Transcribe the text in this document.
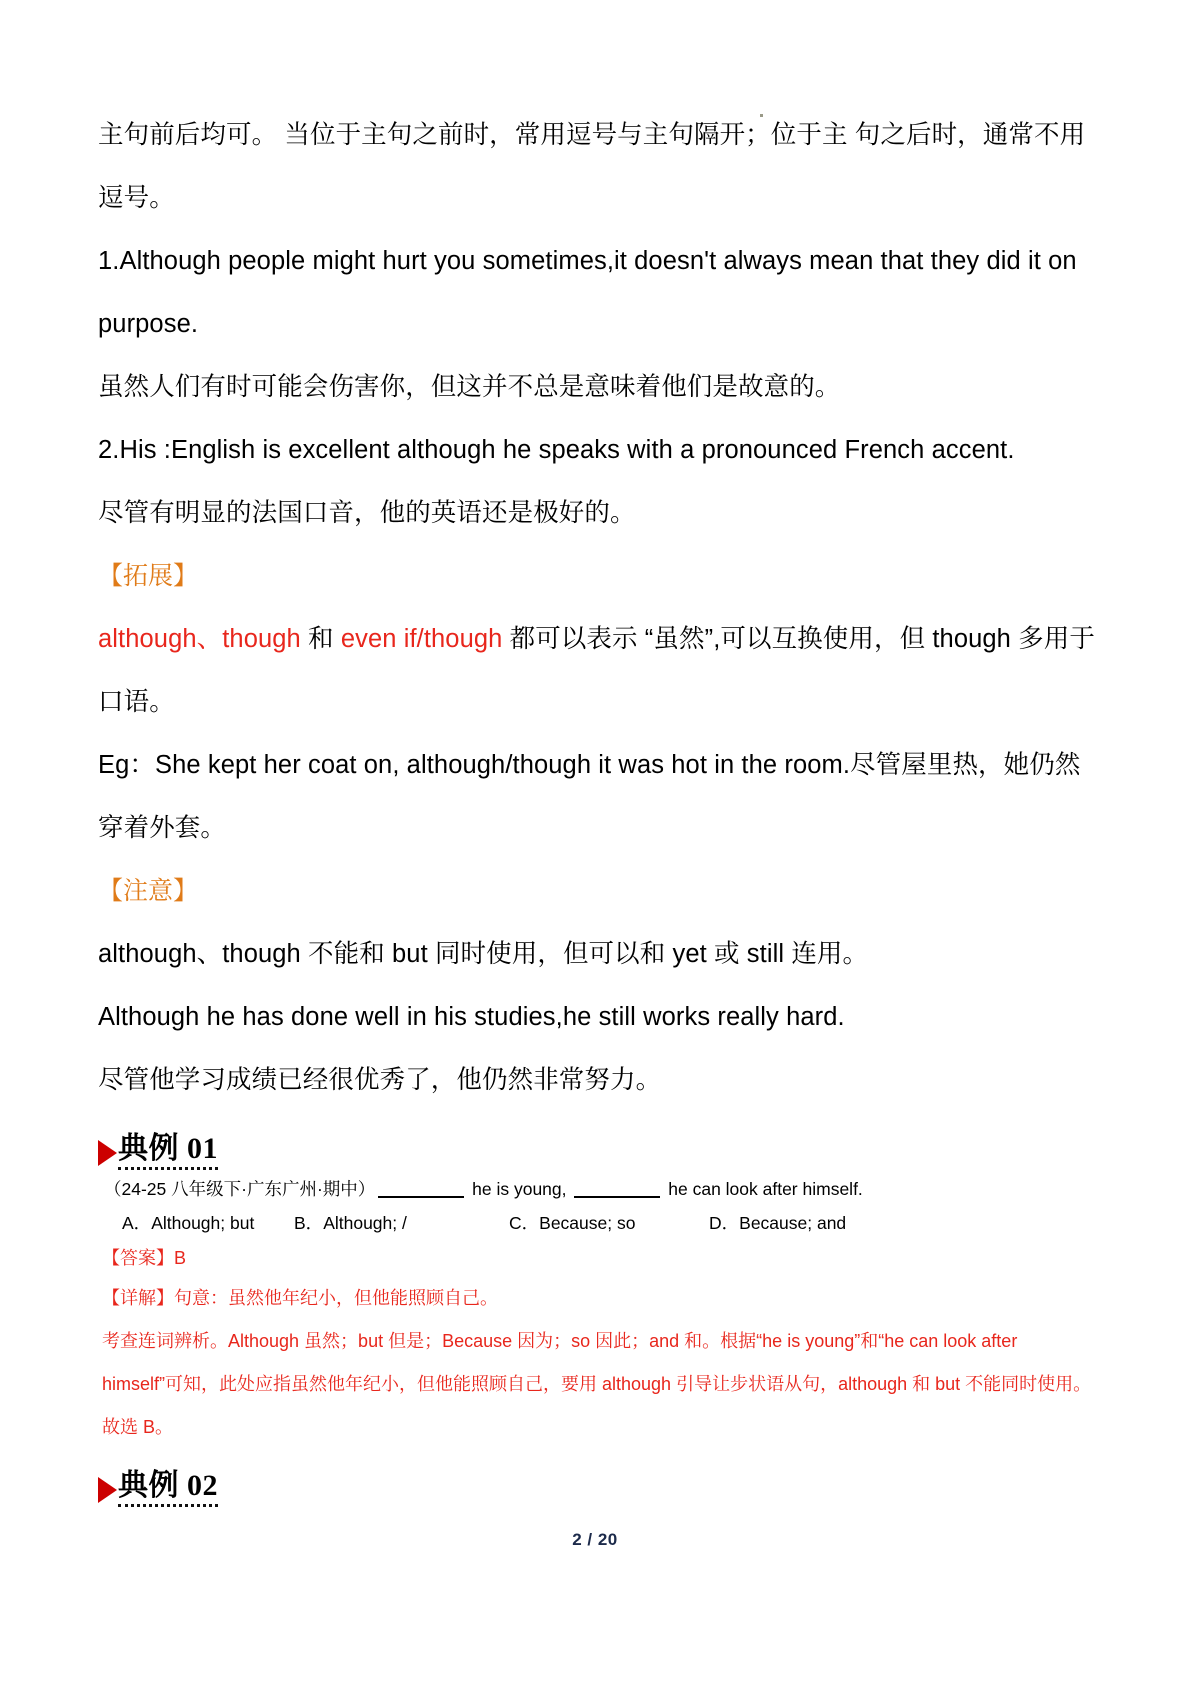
主句前后均可。 当位于主句之前时，常用逗号与主句隔开；位于主 句之后时，通常不用逗号。
1.Although people might hurt you sometimes,it doesn't always mean that they did it on purpose.
虽然人们有时可能会伤害你，但这并不总是意味着他们是故意的。
2.His :English is excellent although he speaks with a pronounced French accent.
尽管有明显的法国口音，他的英语还是极好的。
【拓展】
although、though 和 even if/though 都可以表示 “虽然”,可以互换使用，但 though 多用于口语。
Eg：She kept her coat on, although/though it was hot in the room.尽管屋里热，她仍然穿着外套。
【注意】
although、though 不能和 but 同时使用，但可以和 yet 或 still 连用。
Although he has done well in his studies,he still works really hard.
尽管他学习成绩已经很优秀了，他仍然非常努力。
典例 01
（24-25 八年级下·广东广州·期中）	he is young,	he can look after himself.
A．Although; but	B．Although; /	C．Because; so	D．Because; and
【答案】B
【详解】句意：虽然他年纪小，但他能照顾自己。
考查连词辨析。Although 虽然；but 但是；Because 因为；so 因此；and 和。根据“he is young”和“he can look after himself”可知，此处应指虽然他年纪小，但他能照顾自己，要用 although 引导让步状语从句，although 和 but 不能同时使用。故选 B。
典例 02
2 / 20
